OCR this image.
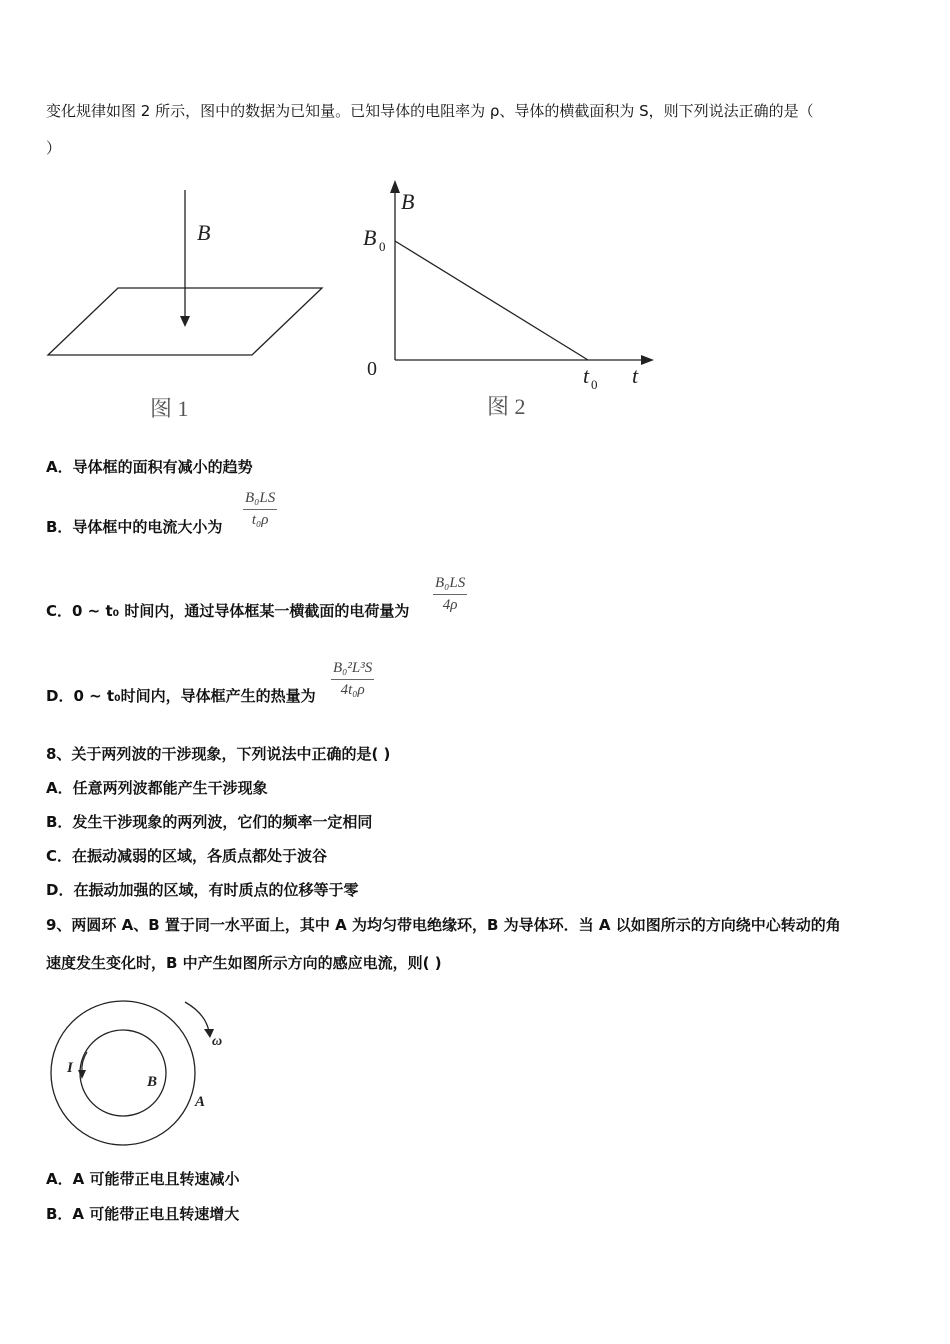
变化规律如图 2 所示，图中的数据为已知量。已知导体的电阻率为 ρ、导体的横截面积为 S，则下列说法正确的是（
）
B
图 1
B
B 0
0	t 0 t
图 2
A．导体框的面积有减小的趋势
B．导体框中的电流大小为 $\frac{\text{B₀LS}}{\text{t₀ρ}}$
C．0 ~ t₀ 时间内，通过导体框某一横截面的电荷量为 $\frac{\text{B₀LS}}{4\rho}$
D．0 ~ t₀时间内，导体框产生的热量为 $\frac{\text{B₀²L³S}}{\text{4t₀ρ}}$
8、关于两列波的干涉现象，下列说法中正确的是( )
A．任意两列波都能产生干涉现象
B．发生干涉现象的两列波，它们的频率一定相同
C．在振动减弱的区域，各质点都处于波谷
D．在振动加强的区域，有时质点的位移等于零
9、两圆环 A、B 置于同一水平面上，其中 A 为均匀带电绝缘环，B 为导体环．当 A 以如图所示的方向绕中心转动的角
速度发生变化时，B 中产生如图所示方向的感应电流，则( )
ω
I
B
A
A．A 可能带正电且转速减小
B．A 可能带正电且转速增大
